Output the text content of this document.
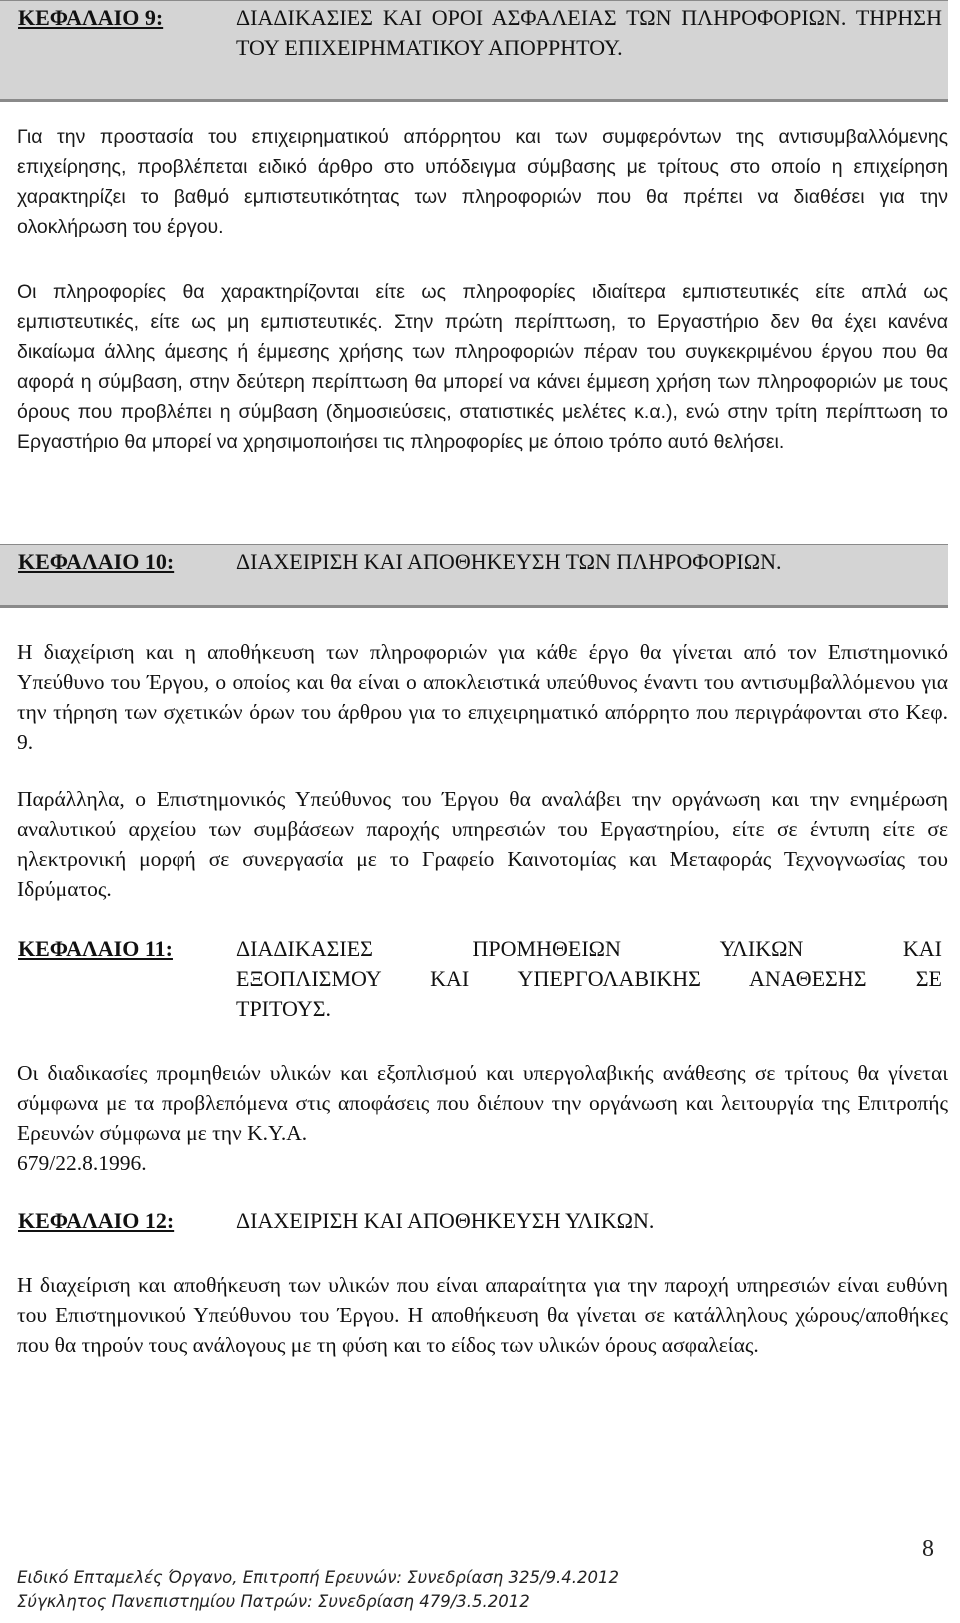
ΚΕΦΑΛΑΙΟ 9:	ΔΙΑΔΙΚΑΣΙΕΣ ΚΑΙ ΟΡΟΙ ΑΣΦΑΛΕΙΑΣ ΤΩΝ ΠΛΗΡΟΦΟΡΙΩΝ. ΤΗΡΗΣΗ ΤΟΥ ΕΠΙΧΕΙΡΗΜΑΤΙΚΟΥ ΑΠΟΡΡΗΤΟΥ.

Για την προστασία του επιχειρηματικού απόρρητου και των συμφερόντων της αντισυμβαλλόμενης επιχείρησης, προβλέπεται ειδικό άρθρο στο υπόδειγμα σύμβασης με τρίτους στο οποίο η επιχείρηση χαρακτηρίζει το βαθμό εμπιστευτικότητας των πληροφοριών που θα πρέπει να διαθέσει για την ολοκλήρωση του έργου.

Οι πληροφορίες θα χαρακτηρίζονται είτε ως πληροφορίες ιδιαίτερα εμπιστευτικές είτε απλά ως εμπιστευτικές, είτε ως μη εμπιστευτικές. Στην πρώτη περίπτωση, το Εργαστήριο δεν θα έχει κανένα δικαίωμα άλλης άμεσης ή έμμεσης χρήσης των πληροφοριών πέραν του συγκεκριμένου έργου που θα αφορά η σύμβαση, στην δεύτερη περίπτωση θα μπορεί να κάνει έμμεση χρήση των πληροφοριών με τους όρους που προβλέπει η σύμβαση (δημοσιεύσεις, στατιστικές μελέτες κ.α.), ενώ στην τρίτη περίπτωση το Εργαστήριο θα μπορεί να χρησιμοποιήσει τις πληροφορίες με όποιο τρόπο αυτό θελήσει.

ΚΕΦΑΛΑΙΟ 10:	ΔΙΑΧΕΙΡΙΣΗ ΚΑΙ ΑΠΟΘΗΚΕΥΣΗ ΤΩΝ ΠΛΗΡΟΦΟΡΙΩΝ.

Η διαχείριση και η αποθήκευση των πληροφοριών για κάθε έργο θα γίνεται από τον Επιστημονικό Υπεύθυνο του Έργου, ο οποίος και θα είναι ο αποκλειστικά υπεύθυνος έναντι του αντισυμβαλλόμενου για την τήρηση των σχετικών όρων του άρθρου για το επιχειρηματικό απόρρητο που περιγράφονται στο Κεφ. 9.

Παράλληλα, ο Επιστημονικός Υπεύθυνος του Έργου θα αναλάβει την οργάνωση και την ενημέρωση αναλυτικού αρχείου των συμβάσεων παροχής υπηρεσιών του Εργαστηρίου, είτε σε έντυπη είτε σε ηλεκτρονική μορφή σε συνεργασία με το Γραφείο Καινοτομίας και Μεταφοράς Τεχνογνωσίας του Ιδρύματος.

ΚΕΦΑΛΑΙΟ 11:	ΔΙΑΔΙΚΑΣΙΕΣ ΠΡΟΜΗΘΕΙΩΝ ΥΛΙΚΩΝ ΚΑΙ
ΕΞΟΠΛΙΣΜΟΥ ΚΑΙ ΥΠΕΡΓΟΛΑΒΙΚΗΣ ΑΝΑΘΕΣΗΣ ΣΕ
ΤΡΙΤΟΥΣ.

Οι διαδικασίες προμηθειών υλικών και εξοπλισμού και υπεργολαβικής ανάθεσης σε τρίτους θα γίνεται σύμφωνα με τα προβλεπόμενα στις αποφάσεις που διέπουν την οργάνωση και λειτουργία της Επιτροπής Ερευνών σύμφωνα με την Κ.Υ.Α.

679/22.8.1996.

ΚΕΦΑΛΑΙΟ 12:	ΔΙΑΧΕΙΡΙΣΗ ΚΑΙ ΑΠΟΘΗΚΕΥΣΗ ΥΛΙΚΩΝ.

Η διαχείριση και αποθήκευση των υλικών που είναι απαραίτητα για την παροχή υπηρεσιών είναι ευθύνη του Επιστημονικού Υπεύθυνου του Έργου. Η αποθήκευση θα γίνεται σε κατάλληλους χώρους/αποθήκες που θα τηρούν τους ανάλογους με τη φύση και το είδος των υλικών όρους ασφαλείας.

8
Ειδικό Επταμελές Όργανο, Επιτροπή Ερευνών: Συνεδρίαση 325/9.4.2012
Σύγκλητος Πανεπιστημίου Πατρών: Συνεδρίαση 479/3.5.2012
